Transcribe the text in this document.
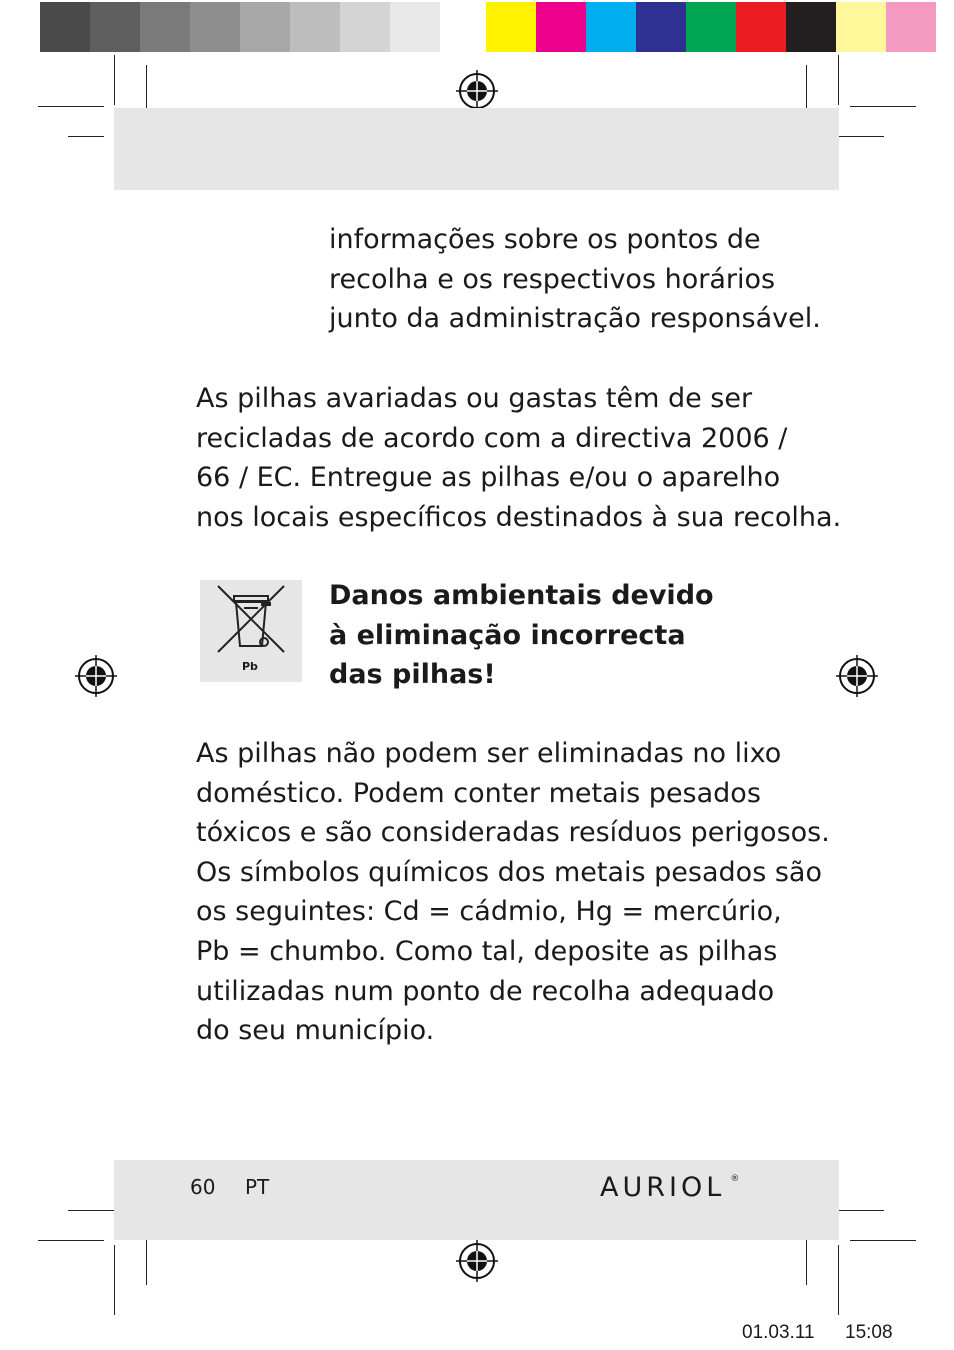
informações sobre os pontos de
recolha e os respectivos horários
junto da administração responsável.

As pilhas avariadas ou gastas têm de ser
recicladas de acordo com a directiva 2006 /
66 / EC. Entregue as pilhas e/ou o aparelho
nos locais específicos destinados à sua recolha.

Pb

Danos ambientais devido
à eliminação incorrecta
das pilhas!

As pilhas não podem ser eliminadas no lixo
doméstico. Podem conter metais pesados
tóxicos e são consideradas resíduos perigosos.
Os símbolos químicos dos metais pesados são
os seguintes: Cd = cádmio, Hg = mercúrio,
Pb = chumbo. Como tal, deposite as pilhas
utilizadas num ponto de recolha adequado
do seu município.

60 PT	AURIOL ®
01.03.11 15:08
